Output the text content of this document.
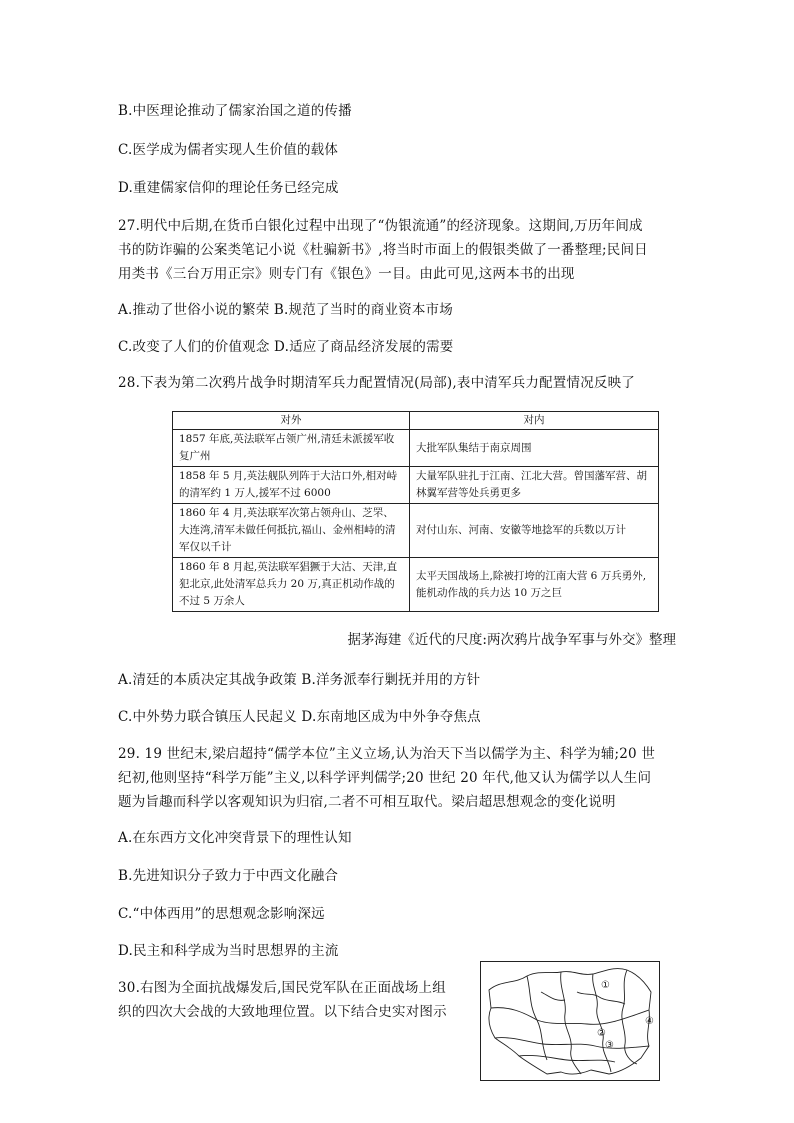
B.中医理论推动了儒家治国之道的传播
C.医学成为儒者实现人生价值的载体
D.重建儒家信仰的理论任务已经完成
27.明代中后期,在货币白银化过程中出现了“伪银流通”的经济现象。这期间,万历年间成
书的防诈骗的公案类笔记小说《杜骗新书》,将当时市面上的假银类做了一番整理;民间日
用类书《三台万用正宗》则专门有《银色》一目。由此可见,这两本书的出现
A.推动了世俗小说的繁荣 B.规范了当时的商业资本市场
C.改变了人们的价值观念 D.适应了商品经济发展的需要
28.下表为第二次鸦片战争时期清军兵力配置情况(局部),表中清军兵力配置情况反映了
对外	对内
1857 年底,英法联军占领广州,清廷未派援军收复广州	大批军队集结于南京周围
1858 年 5 月,英法舰队列阵于大沽口外,相对峙的清军约 1 万人,援军不过 6000	大量军队驻扎于江南、江北大营。曾国藩军营、胡林翼军营等处兵勇更多
1860 年 4 月,英法联军次第占领舟山、芝罘、大连湾,清军未做任何抵抗,福山、金州相峙的清军仅以千计	对付山东、河南、安徽等地捻军的兵数以万计
1860 年 8 月起,英法联军猖獗于大沽、天津,直犯北京,此处清军总兵力 20 万,真正机动作战的不过 5 万余人	太平天国战场上,除被打垮的江南大营 6 万兵勇外,能机动作战的兵力达 10 万之巨
据茅海建《近代的尺度:两次鸦片战争军事与外交》整理
A.清廷的本质决定其战争政策 B.洋务派奉行剿抚并用的方针
C.中外势力联合镇压人民起义 D.东南地区成为中外争夺焦点
29. 19 世纪末,梁启超持“儒学本位”主义立场,认为治天下当以儒学为主、科学为辅;20 世
纪初,他则坚持“科学万能”主义,以科学评判儒学;20 世纪 20 年代,他又认为儒学以人生问
题为旨趣而科学以客观知识为归宿,二者不可相互取代。梁启超思想观念的变化说明
A.在东西方文化冲突背景下的理性认知
B.先进知识分子致力于中西文化融合
C.“中体西用”的思想观念影响深远
D.民主和科学成为当时思想界的主流
30.右图为全面抗战爆发后,国民党军队在正面战场上组
织的四次大会战的大致地理位置。以下结合史实对图示
①
②
③
④
